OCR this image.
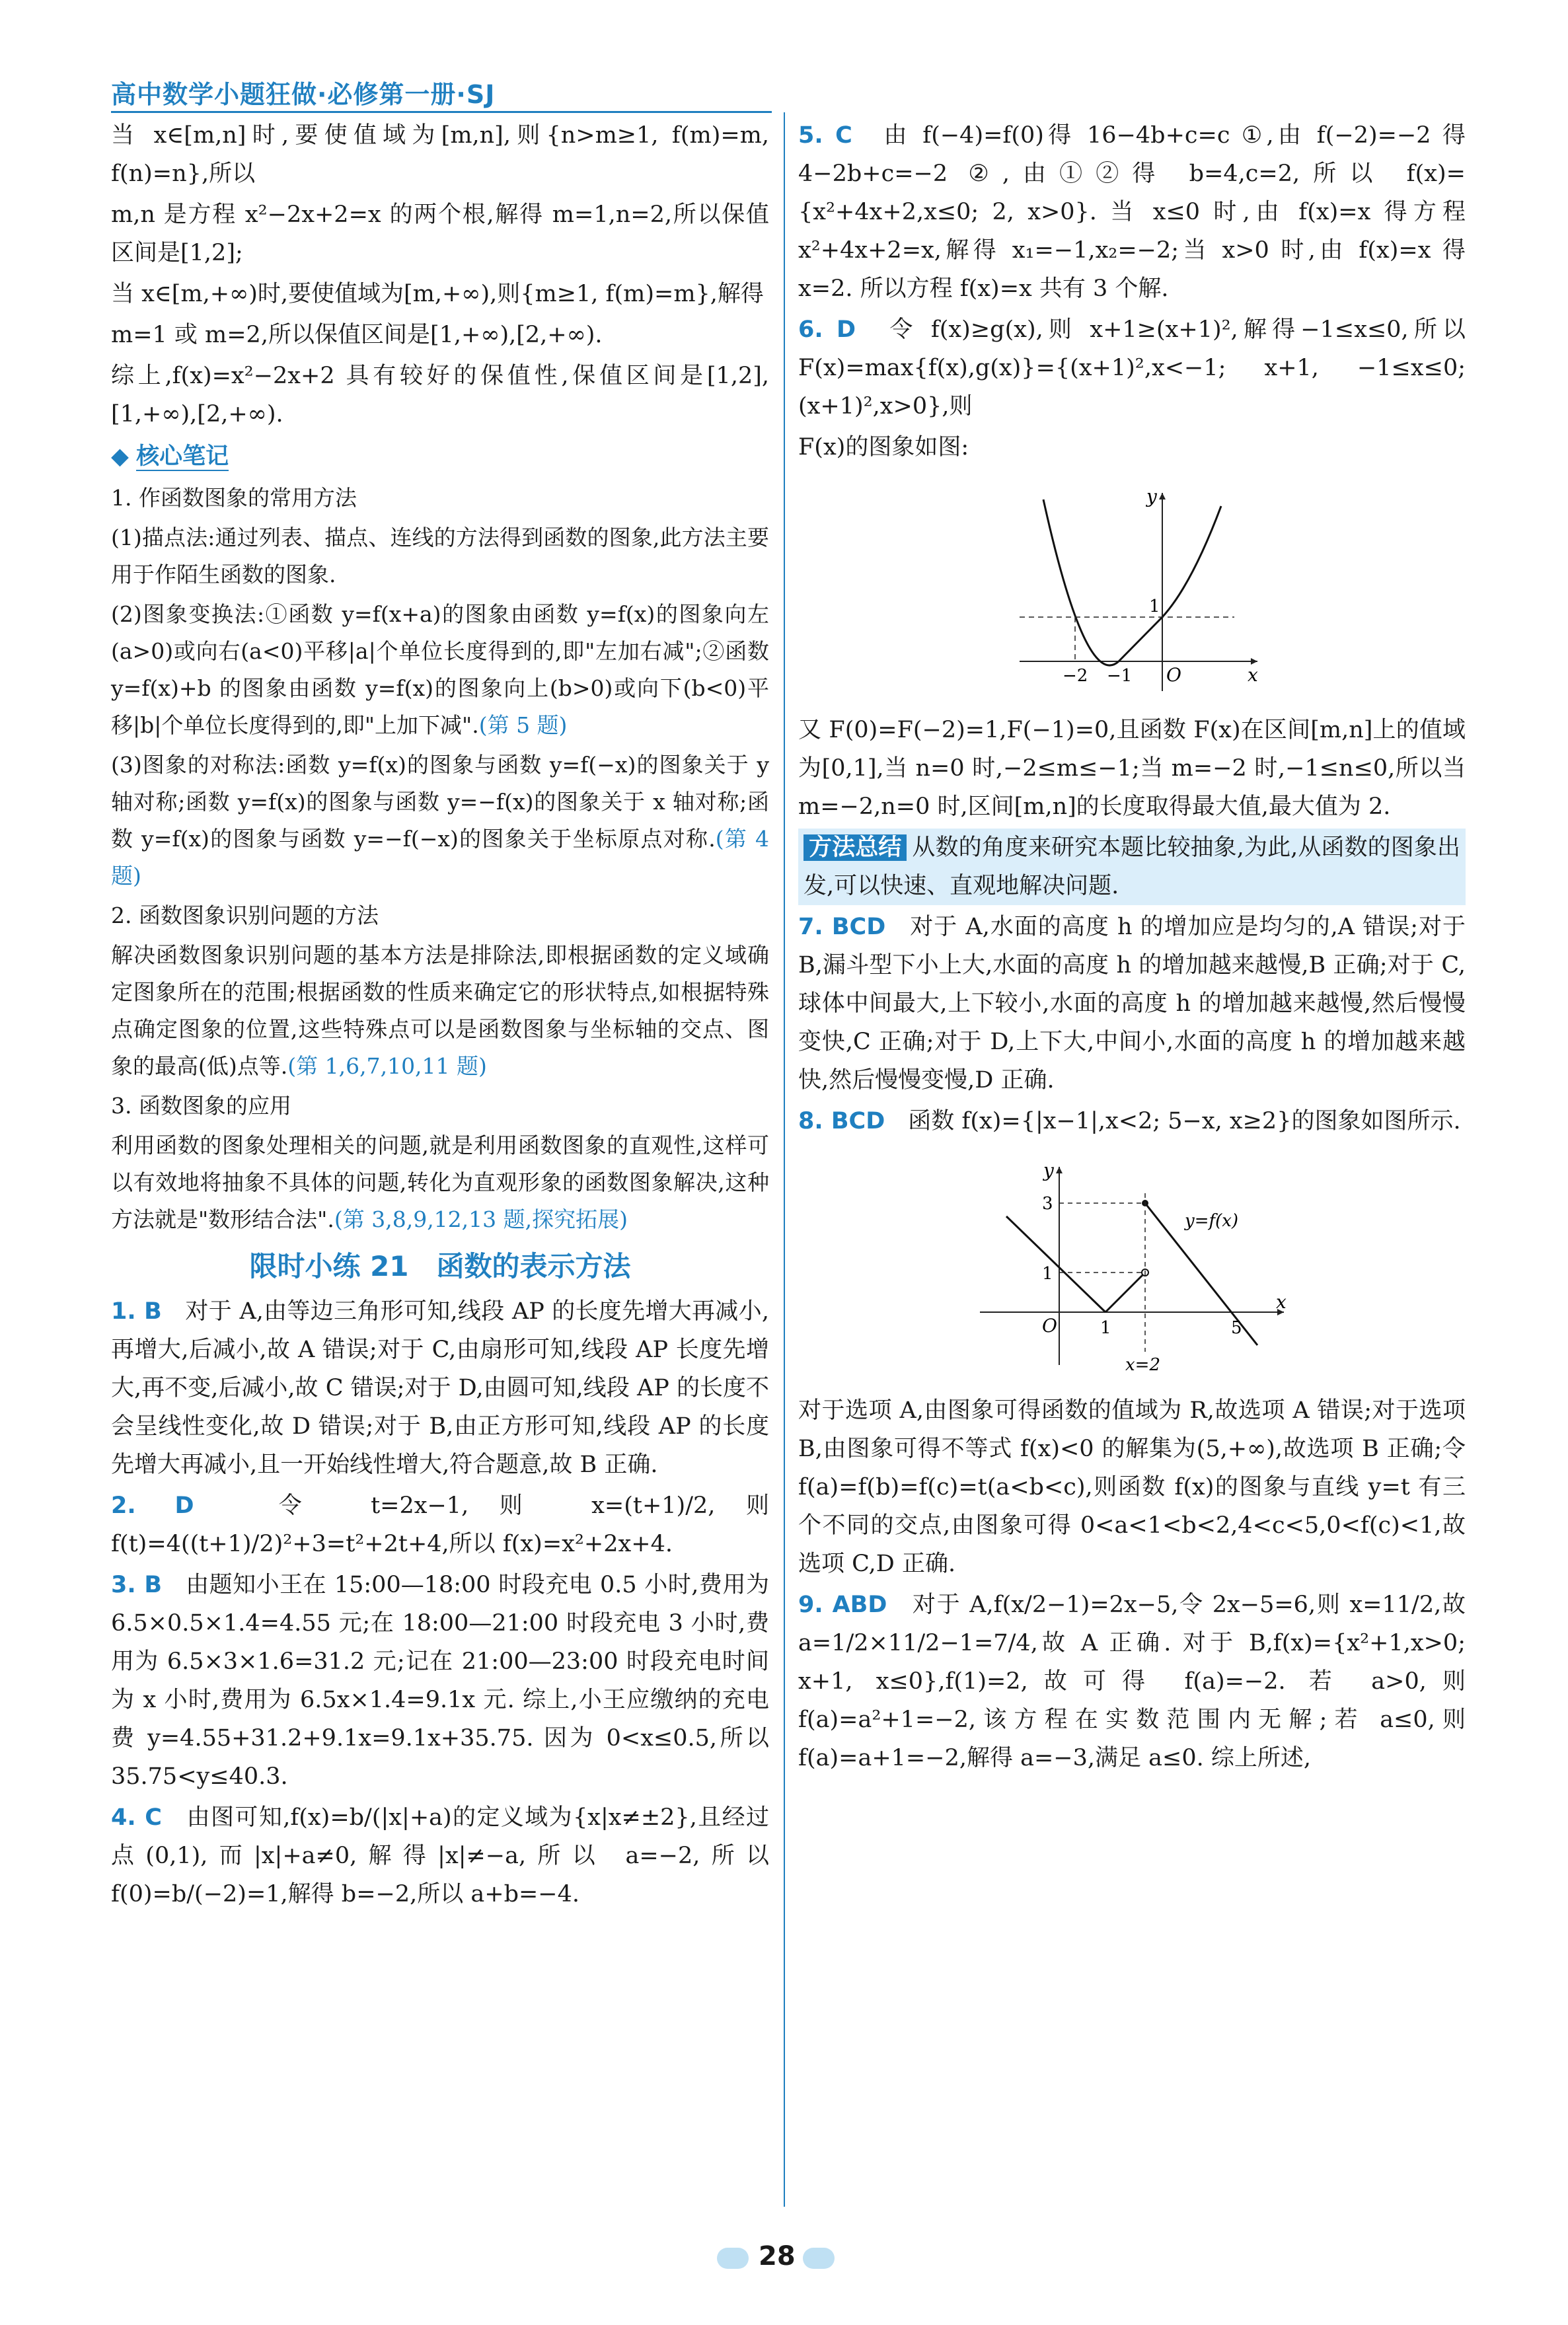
高中数学小题狂做·必修第一册·SJ

当 x∈[m,n]时,要使值域为[m,n],则{n>m≥1, f(m)=m, f(n)=n},所以

m,n 是方程 x²−2x+2=x 的两个根,解得 m=1,n=2,所以保值区间是[1,2];

当 x∈[m,+∞)时,要使值域为[m,+∞),则{m≥1, f(m)=m},解得

m=1 或 m=2,所以保值区间是[1,+∞),[2,+∞).

综上,f(x)=x²−2x+2 具有较好的保值性,保值区间是[1,2],[1,+∞),[2,+∞).

◆ 核心笔记

1. 作函数图象的常用方法

(1)描点法:通过列表、描点、连线的方法得到函数的图象,此方法主要用于作陌生函数的图象.

(2)图象变换法:①函数 y=f(x+a)的图象由函数 y=f(x)的图象向左(a>0)或向右(a<0)平移|a|个单位长度得到的,即"左加右减";②函数 y=f(x)+b 的图象由函数 y=f(x)的图象向上(b>0)或向下(b<0)平移|b|个单位长度得到的,即"上加下减".(第 5 题)

(3)图象的对称法:函数 y=f(x)的图象与函数 y=f(−x)的图象关于 y 轴对称;函数 y=f(x)的图象与函数 y=−f(x)的图象关于 x 轴对称;函数 y=f(x)的图象与函数 y=−f(−x)的图象关于坐标原点对称.(第 4 题)

2. 函数图象识别问题的方法

解决函数图象识别问题的基本方法是排除法,即根据函数的定义域确定图象所在的范围;根据函数的性质来确定它的形状特点,如根据特殊点确定图象的位置,这些特殊点可以是函数图象与坐标轴的交点、图象的最高(低)点等.(第 1,6,7,10,11 题)

3. 函数图象的应用

利用函数的图象处理相关的问题,就是利用函数图象的直观性,这样可以有效地将抽象不具体的问题,转化为直观形象的函数图象解决,这种方法就是"数形结合法".(第 3,8,9,12,13 题,探究拓展)

限时小练 21　函数的表示方法

1. B　 对于 A,由等边三角形可知,线段 AP 的长度先增大再减小,再增大,后减小,故 A 错误;对于 C,由扇形可知,线段 AP 长度先增大,再不变,后减小,故 C 错误;对于 D,由圆可知,线段 AP 的长度不会呈线性变化,故 D 错误;对于 B,由正方形可知,线段 AP 的长度先增大再减小,且一开始线性增大,符合题意,故 B 正确.

2. D　	令 t=2x−1,则 x=(t+1)/2,则 f(t)=4((t+1)/2)²+3=t²+2t+4,所以 f(x)=x²+2x+4.

3. B　 由题知小王在 15:00—18:00 时段充电 0.5 小时,费用为 6.5×0.5×1.4=4.55 元;在 18:00—21:00 时段充电 3 小时,费用为 6.5×3×1.6=31.2 元;记在 21:00—23:00 时段充电时间为 x 小时,费用为 6.5x×1.4=9.1x 元. 综上,小王应缴纳的充电费 y=4.55+31.2+9.1x=9.1x+35.75. 因为 0<x≤0.5,所以 35.75<y≤40.3.

4. C　 由图可知,f(x)=b/(|x|+a)的定义域为{x|x≠±2},且经过点(0,1),而|x|+a≠0,解得|x|≠−a,所以 a=−2,所以 f(0)=b/(−2)=1,解得 b=−2,所以 a+b=−4.

5. C　 由 f(−4)=f(0)得 16−4b+c=c ①,由 f(−2)=−2 得 4−2b+c=−2 ②,由①②得 b=4,c=2,所以 f(x)={x²+4x+2,x≤0; 2, x>0}. 当 x≤0 时,由 f(x)=x 得方程 x²+4x+2=x,解得 x₁=−1,x₂=−2;当 x>0 时,由 f(x)=x 得 x=2. 所以方程 f(x)=x 共有 3 个解.

6. D　 令 f(x)≥g(x),则 x+1≥(x+1)²,解得−1≤x≤0,所以 F(x)=max{f(x),g(x)}={(x+1)²,x<−1; x+1, −1≤x≤0; (x+1)²,x>0},则

F(x)的图象如图:

y
x
O
1
−2 −1

又 F(0)=F(−2)=1,F(−1)=0,且函数 F(x)在区间[m,n]上的值域为[0,1],当 n=0 时,−2≤m≤−1;当 m=−2 时,−1≤n≤0,所以当 m=−2,n=0 时,区间[m,n]的长度取得最大值,最大值为 2.

方法总结 从数的角度来研究本题比较抽象,为此,从函数的图象出发,可以快速、直观地解决问题.

7. BCD　 对于 A,水面的高度 h 的增加应是均匀的,A 错误;对于 B,漏斗型下小上大,水面的高度 h 的增加越来越慢,B 正确;对于 C,球体中间最大,上下较小,水面的高度 h 的增加越来越慢,然后慢慢变快,C 正确;对于 D,上下大,中间小,水面的高度 h 的增加越来越快,然后慢慢变慢,D 正确.

8. BCD　 函数 f(x)={|x−1|,x<2; 5−x, x≥2}的图象如图所示.

y
x
O
3
1
1	5
y=f(x)
x=2

对于选项 A,由图象可得函数的值域为 R,故选项 A 错误;对于选项 B,由图象可得不等式 f(x)<0 的解集为(5,+∞),故选项 B 正确;令 f(a)=f(b)=f(c)=t(a<b<c),则函数 f(x)的图象与直线 y=t 有三个不同的交点,由图象可得 0<a<1<b<2,4<c<5,0<f(c)<1,故选项 C,D 正确.

9. ABD　 对于 A,f(x/2−1)=2x−5,令 2x−5=6,则 x=11/2,故 a=1/2×11/2−1=7/4,故 A 正确. 对于 B,f(x)={x²+1,x>0; x+1, x≤0},f(1)=2,故可得 f(a)=−2. 若 a>0,则 f(a)=a²+1=−2,该方程在实数范围内无解;若 a≤0,则 f(a)=a+1=−2,解得 a=−3,满足 a≤0. 综上所述,

28
